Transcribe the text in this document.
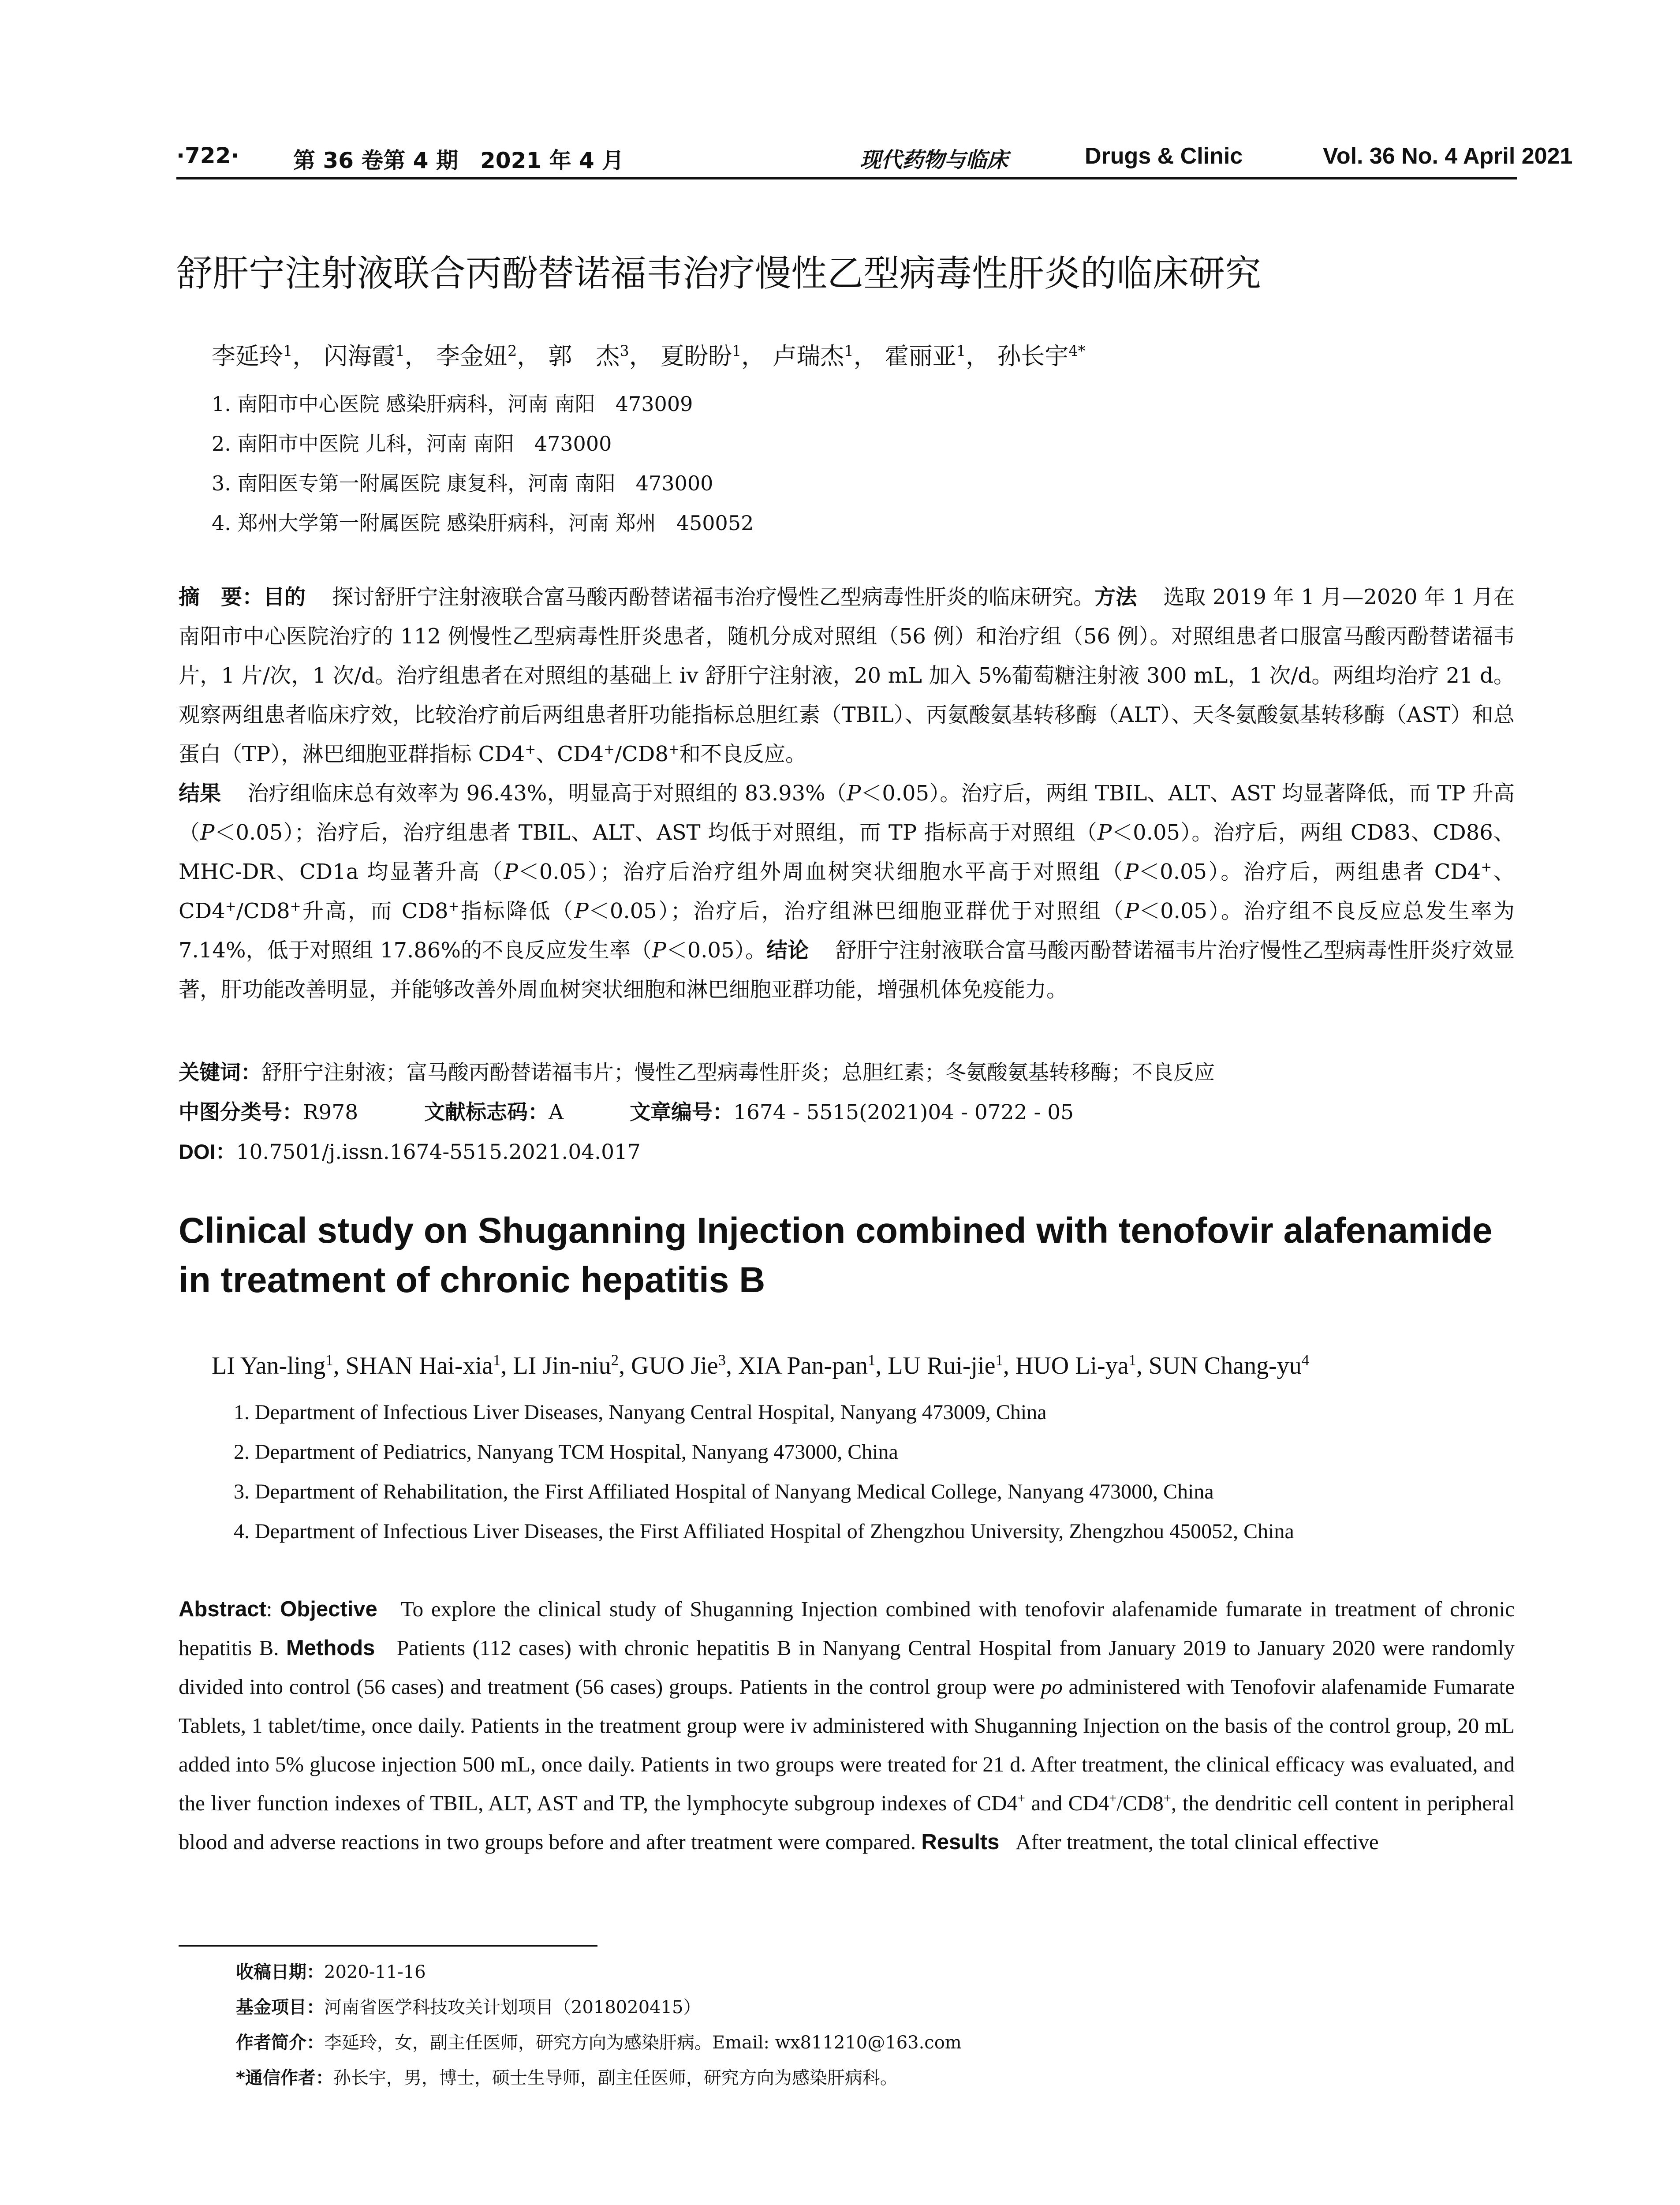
·722· 第 36 卷第 4 期　2021 年 4 月	现代药物与临床	Drugs & Clinic	Vol. 36 No. 4 April 2021
舒肝宁注射液联合丙酚替诺福韦治疗慢性乙型病毒性肝炎的临床研究
李延玲$^1$， 闪海霞$^1$， 李金妞$^2$， 郭　杰$^3$， 夏盼盼$^1$， 卢瑞杰$^1$， 霍丽亚$^1$， 孙长宇$^{4*}$
1. 南阳市中心医院 感染肝病科，河南 南阳　473009
2. 南阳市中医院 儿科，河南 南阳　473000
3. 南阳医专第一附属医院 康复科，河南 南阳　473000
4. 郑州大学第一附属医院 感染肝病科，河南 郑州　450052
摘　要：目的 探讨舒肝宁注射液联合富马酸丙酚替诺福韦治疗慢性乙型病毒性肝炎的临床研究。方法 选取 2019 年 1 月—2020 年 1 月在南阳市中心医院治疗的 112 例慢性乙型病毒性肝炎患者，随机分成对照组（56 例）和治疗组（56 例）。对照组患者口服富马酸丙酚替诺福韦片，1 片/次，1 次/d。治疗组患者在对照组的基础上 iv 舒肝宁注射液，20 mL 加入 5%葡萄糖注射液 300 mL，1 次/d。两组均治疗 21 d。观察两组患者临床疗效，比较治疗前后两组患者肝功能指标总胆红素（TBIL）、丙氨酸氨基转移酶（ALT）、天冬氨酸氨基转移酶（AST）和总蛋白（TP），淋巴细胞亚群指标 CD4+、CD4+/CD8+和不良反应。
结果 治疗组临床总有效率为 96.43%，明显高于对照组的 83.93%（P＜0.05）。治疗后，两组 TBIL、ALT、AST 均显著降低，而 TP 升高（P＜0.05）；治疗后，治疗组患者 TBIL、ALT、AST 均低于对照组，而 TP 指标高于对照组（P＜0.05）。治疗后，两组 CD83、CD86、MHC-DR、CD1a 均显著升高（P＜0.05）；治疗后治疗组外周血树突状细胞水平高于对照组（P＜0.05）。治疗后，两组患者 CD4+、CD4+/CD8+升高，而 CD8+指标降低（P＜0.05）；治疗后，治疗组淋巴细胞亚群优于对照组（P＜0.05）。治疗组不良反应总发生率为 7.14%，低于对照组 17.86%的不良反应发生率（P＜0.05）。结论 舒肝宁注射液联合富马酸丙酚替诺福韦片治疗慢性乙型病毒性肝炎疗效显著，肝功能改善明显，并能够改善外周血树突状细胞和淋巴细胞亚群功能，增强机体免疫能力。
关键词：舒肝宁注射液；富马酸丙酚替诺福韦片；慢性乙型病毒性肝炎；总胆红素；冬氨酸氨基转移酶；不良反应
中图分类号：R978	文献标志码：A	文章编号：1674 - 5515(2021)04 - 0722 - 05
DOI：10.7501/j.issn.1674-5515.2021.04.017
Clinical study on Shuganning Injection combined with tenofovir alafenamide in treatment of chronic hepatitis B
LI Yan-ling$^1$, SHAN Hai-xia$^1$, LI Jin-niu$^2$, GUO Jie$^3$, XIA Pan-pan$^1$, LU Rui-jie$^1$, HUO $Li-ya^1$, SUN Chang-$yu^4$
1. Department of Infectious Liver Diseases, Nanyang Central Hospital, Nanyang 473009, China
2. Department of Pediatrics, Nanyang TCM Hospital, Nanyang 473000, China
3. Department of Rehabilitation, the First Affiliated Hospital of Nanyang Medical College, Nanyang 473000, China
4. Department of Infectious Liver Diseases, the First Affiliated Hospital of Zhengzhou University, Zhengzhou 450052, China
Abstract: Objective To explore the clinical study of Shuganning Injection combined with tenofovir alafenamide fumarate in treatment of chronic hepatitis B. Methods Patients (112 cases) with chronic hepatitis B in Nanyang Central Hospital from January 2019 to January 2020 were randomly divided into control (56 cases) and treatment (56 cases) groups. Patients in the control group were po administered with Tenofovir alafenamide Fumarate Tablets, 1 tablet/time, once daily. Patients in the treatment group were iv administered with Shuganning Injection on the basis of the control group, 20 mL added into 5% glucose injection 500 mL, once daily. Patients in two groups were treated for 21 d. After treatment, the clinical efficacy was evaluated, and the liver function indexes of TBIL, ALT, AST and TP, the lymphocyte subgroup indexes of CD4+ and CD4+/CD8+, the dendritic cell content in peripheral blood and adverse reactions in two groups before and after treatment were compared. Results After treatment, the total clinical effective
收稿日期：2020-11-16
基金项目：河南省医学科技攻关计划项目（2018020415）
作者简介：李延玲，女，副主任医师，研究方向为感染肝病。Email: wx811210@163.com
*通信作者：孙长宇，男，博士，硕士生导师，副主任医师，研究方向为感染肝病科。
